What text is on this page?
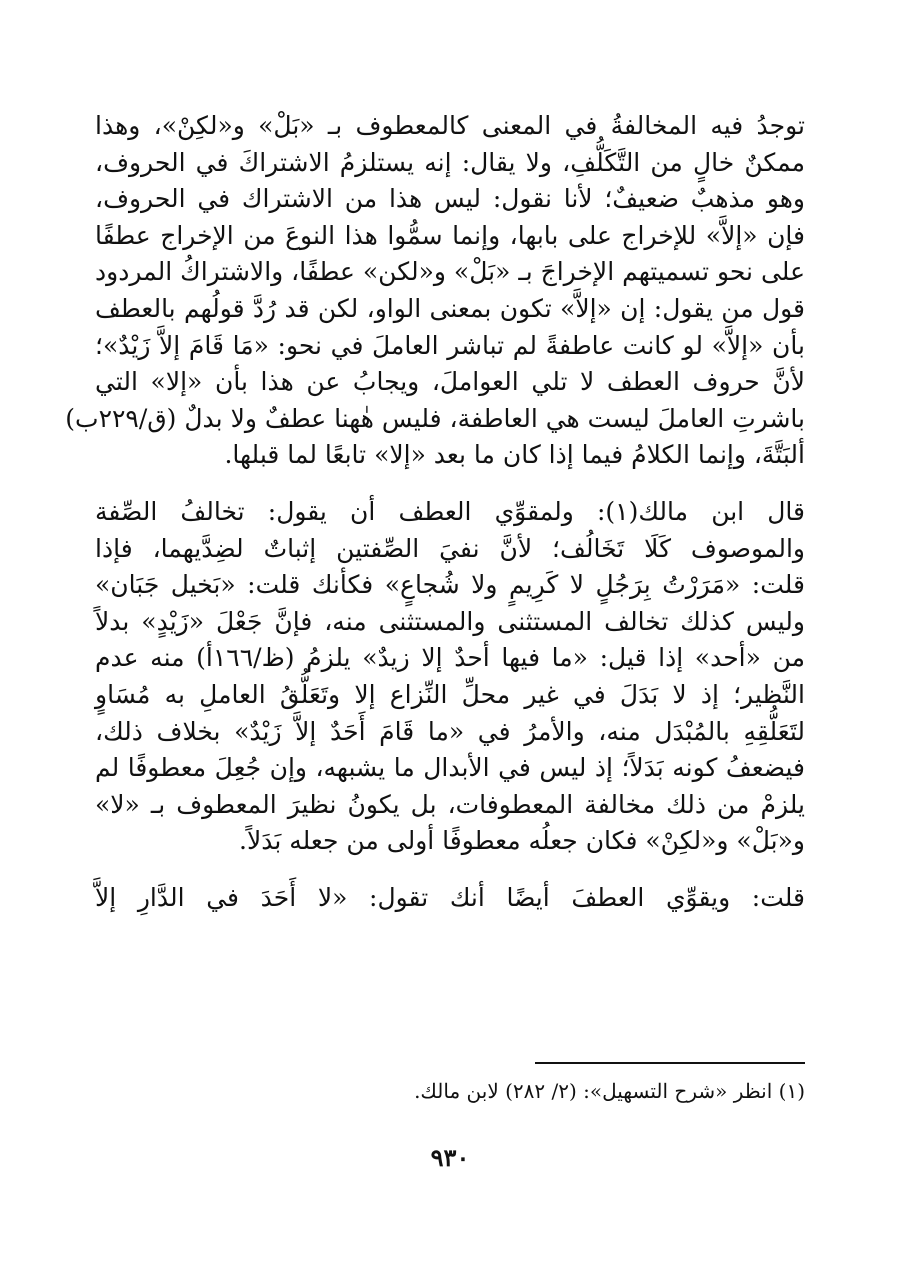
توجدُ فيه المخالفةُ في المعنى كالمعطوف بـ «بَلْ» و«لكِنْ»، وهذا

ممكنٌ خالٍ من التَّكَلُّفِ، ولا يقال: إنه يستلزمُ الاشتراكَ في الحروف،

وهو مذهبٌ ضعيفٌ؛ لأنا نقول: ليس هذا من الاشتراك في الحروف،

فإن «إلاَّ» للإخراج على بابها، وإنما سمُّوا هذا النوعَ من الإخراج عطفًا

على نحو تسميتهم الإخراجَ بـ «بَلْ» و«لكن» عطفًا، والاشتراكُ المردود

قول من يقول: إن «إلاَّ» تكون بمعنى الواو، لكن قد رُدَّ قولُهم بالعطف

بأن «إلاَّ» لو كانت عاطفةً لم تباشر العاملَ في نحو: «مَا قَامَ إلاَّ زَيْدٌ»؛

لأنَّ حروف العطف لا تلي العواملَ، ويجابُ عن هذا بأن «إلا» التي

باشرتِ العاملَ ليست هي العاطفة، فليس هٰهنا عطفٌ ولا بدلٌ (ق/٢٢٩ب)

ألبَتَّةَ، وإنما الكلامُ فيما إذا كان ما بعد «إلا» تابعًا لما قبلها.

قال ابن مالك(١): ولمقوِّي العطف أن يقول: تخالفُ الصِّفة

والموصوف كَلَا تَخَالُف؛ لأنَّ نفيَ الصِّفتين إثباتٌ لضِدَّيهما، فإذا

قلت: «مَرَرْتُ بِرَجُلٍ لا كَرِيمٍ ولا شُجاعٍ» فكأنك قلت: «بَخيل جَبَان»

وليس كذلك تخالف المستثنى والمستثنى منه، فإنَّ جَعْلَ «زَيْدٍ» بدلاً

من «أحد» إذا قيل: «ما فيها أحدٌ إلا زيدٌ» يلزمُ (ظ/١٦٦أ) منه عدم

النَّظير؛ إذ لا بَدَلَ في غير محلِّ النِّزاع إلا وتَعَلُّقُ العاملِ به مُسَاوٍ

لتَعَلُّقِهِ بالمُبْدَل منه، والأمرُ في «ما قَامَ أَحَدٌ إلاَّ زَيْدٌ» بخلاف ذلك،

فيضعفُ كونه بَدَلاً؛ إذ ليس في الأبدال ما يشبهه، وإن جُعِلَ معطوفًا لم

يلزمْ من ذلك مخالفة المعطوفات، بل يكونُ نظيرَ المعطوف بـ «لا»

و«بَلْ» و«لكِنْ» فكان جعلُه معطوفًا أولى من جعله بَدَلاً.

قلت: ويقوِّي العطفَ أيضًا أنك تقول: «لا أَحَدَ في الدَّارِ إلاَّ

(١) انظر «شرح التسهيل»: (٢/ ٢٨٢) لابن مالك.
٩٣٠
